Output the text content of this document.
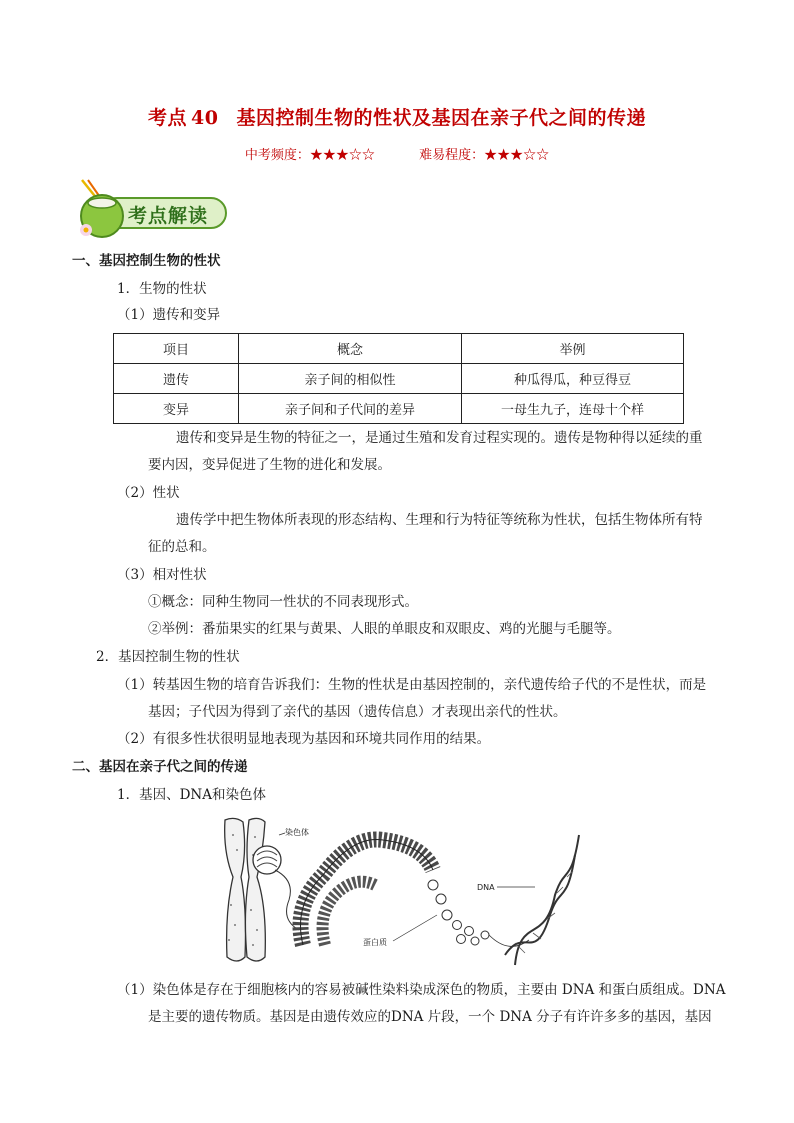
考点 40 基因控制生物的性状及基因在亲子代之间的传递
中考频度：★★★☆☆	难易程度：★★★☆☆
考点解读
一、基因控制生物的性状
1．生物的性状
（1）遗传和变异
项目	概念	举例
遗传	亲子间的相似性	种瓜得瓜，种豆得豆
变异	亲子间和子代间的差异	一母生九子，连母十个样
遗传和变异是生物的特征之一，是通过生殖和发育过程实现的。遗传是物种得以延续的重
要内因，变异促进了生物的进化和发展。
（2）性状
遗传学中把生物体所表现的形态结构、生理和行为特征等统称为性状，包括生物体所有特
征的总和。
（3）相对性状
①概念：同种生物同一性状的不同表现形式。
②举例：番茄果实的红果与黄果、人眼的单眼皮和双眼皮、鸡的光腿与毛腿等。
2．基因控制生物的性状
（1）转基因生物的培育告诉我们：生物的性状是由基因控制的，亲代遗传给子代的不是性状，而是
基因；子代因为得到了亲代的基因（遗传信息）才表现出亲代的性状。
（2）有很多性状很明显地表现为基因和环境共同作用的结果。
二、基因在亲子代之间的传递
1．基因、DNA和染色体
染色体
DNA
蛋白质
（1）染色体是存在于细胞核内的容易被碱性染料染成深色的物质，主要由 DNA 和蛋白质组成。DNA
是主要的遗传物质。基因是由遗传效应的DNA 片段，一个 DNA 分子有许许多多的基因，基因
